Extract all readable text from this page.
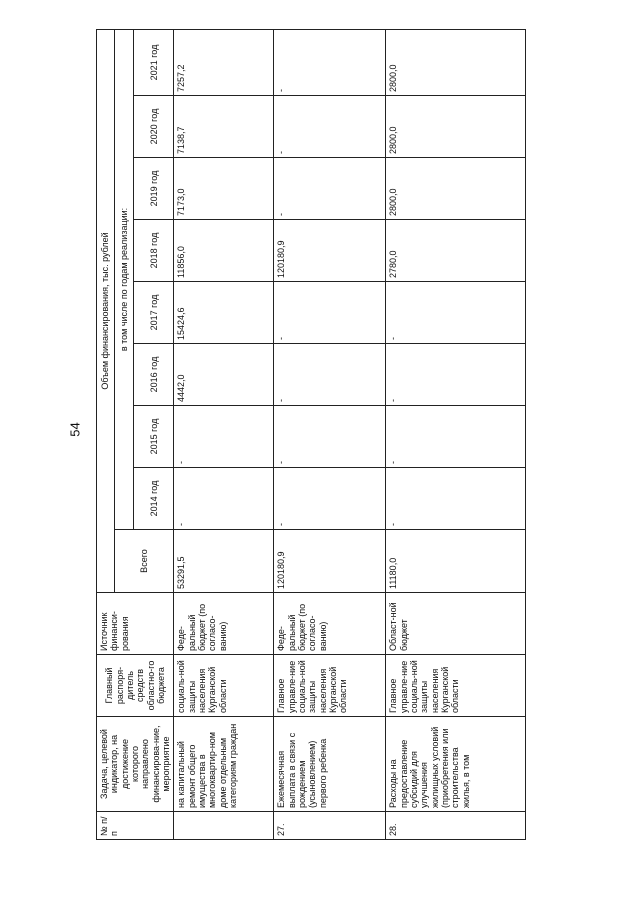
54
№ п/п	Задача, целевой индикатор, на достижение которого направлено финансирова-ние, мероприятие	Главный распоря-дитель средств областно-го бюджета	Источник финанси-рования	Объем финансирования, тыс. рублей								
				Всего	в том числе по годам реализации:							
					2014 год	2015 год	2016 год	2017 год	2018 год	2019 год	2020 год	2021 год
	на капитальный ремонт общего имущества в многоквартир-ном доме отдельным категориям граждан	социаль-ной защиты населения Курганской области	Феде-ральный бюджет (по согласо-ванию)	53291,5	-	-	4442,0	15424,6	11856,0	7173,0	7138,7	7257,2
27.	Ежемесячная выплата в связи с рождением (усыновлением) первого ребенка	Главное управле-ние социаль-ной защиты населения Курганской области	Феде-ральный бюджет (по согласо-ванию)	120180,9	-	-	-	-	120180,9	-	-	-
28.	Расходы на предоставление субсидий для улучшения жилищных условий (приобретения или строительства жилья, в том	Главное управле-ние социаль-ной защиты населения Курганской области	Област-ной бюджет	11180,0	-	-	-	-	2780,0	2800,0	2800,0	2800,0
